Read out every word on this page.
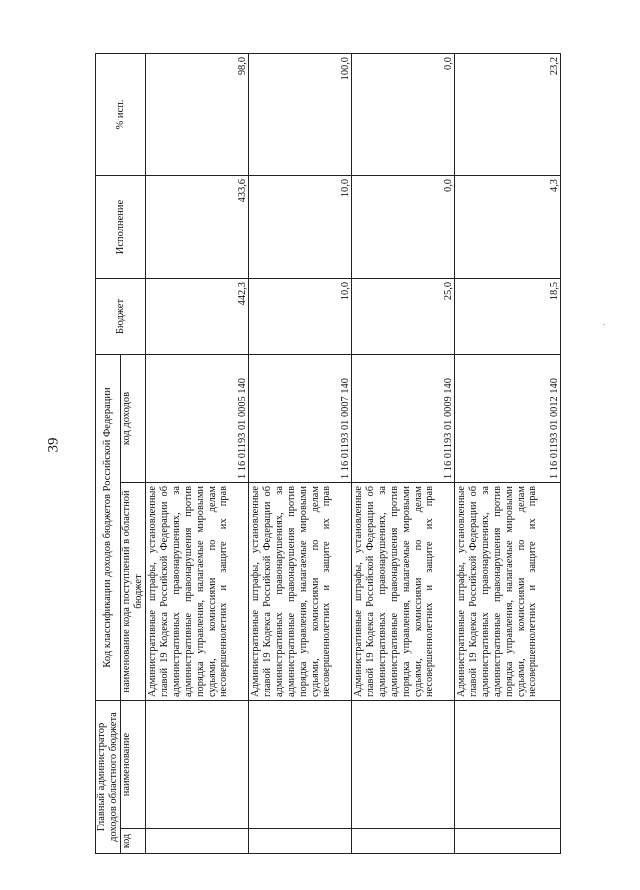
39
.
Главный администратор доходов областного бюджета		Код классификации доходов бюджетов Российской Федерации		Бюджет	Исполнение	% исп.
код	наименование	наименование кода поступлений в областной бюджет	код доходов			
		Административные штрафы, установленные главой 19 Кодекса Российской Федерации об административных правонарушениях, за административные правонарушения против порядка управления, налагаемые мировыми судьями, комиссиями по делам несовершеннолетних и защите их прав	1 16 01193 01 0005 140	442,3	433,6	98,0
		Административные штрафы, установленные главой 19 Кодекса Российской Федерации об административных правонарушениях, за административные правонарушения против порядка управления, налагаемые мировыми судьями, комиссиями по делам несовершеннолетних и защите их прав	1 16 01193 01 0007 140	10,0	10,0	100,0
		Административные штрафы, установленные главой 19 Кодекса Российской Федерации об административных правонарушениях, за административные правонарушения против порядка управления, налагаемые мировыми судьями, комиссиями по делам несовершеннолетних и защите их прав	1 16 01193 01 0009 140	25,0	0,0	0,0
		Административные штрафы, установленные главой 19 Кодекса Российской Федерации об административных правонарушениях, за административные правонарушения против порядка управления, налагаемые мировыми судьями, комиссиями по делам несовершеннолетних и защите их прав	1 16 01193 01 0012 140	18,5	4,3	23,2
